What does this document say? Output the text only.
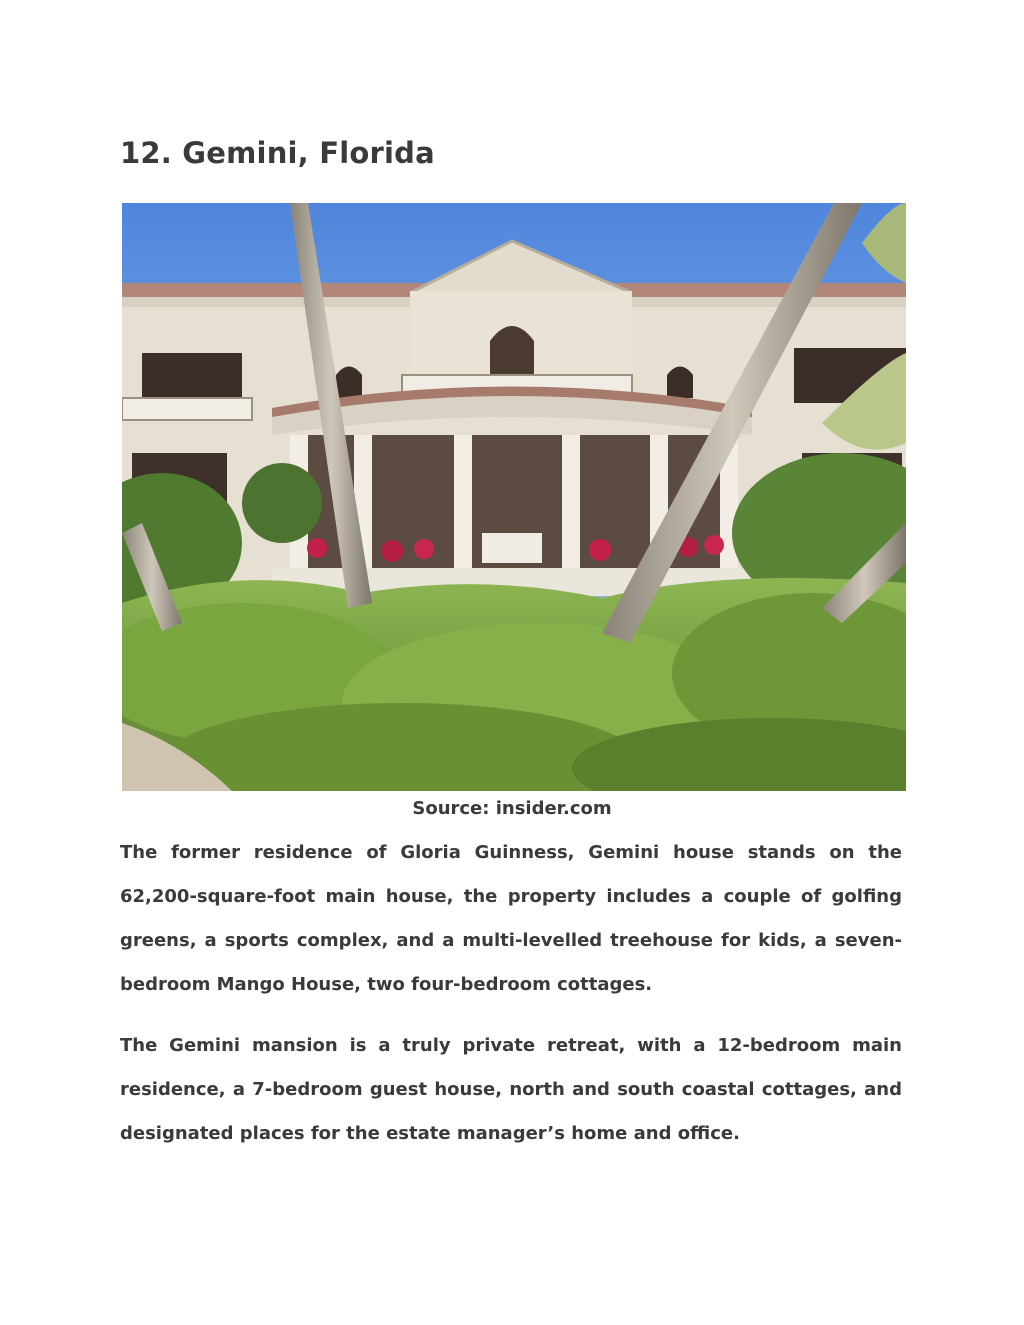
12. Gemini, Florida
Source: insider.com

The former residence of Gloria Guinness, Gemini house stands on the 62,200-square-foot main house, the property includes a couple of golfing greens, a sports complex, and a multi-levelled treehouse for kids, a seven-bedroom Mango House, two four-bedroom cottages.

The Gemini mansion is a truly private retreat, with a 12-bedroom main residence, a 7-bedroom guest house, north and south coastal cottages, and designated places for the estate manager’s home and office.
